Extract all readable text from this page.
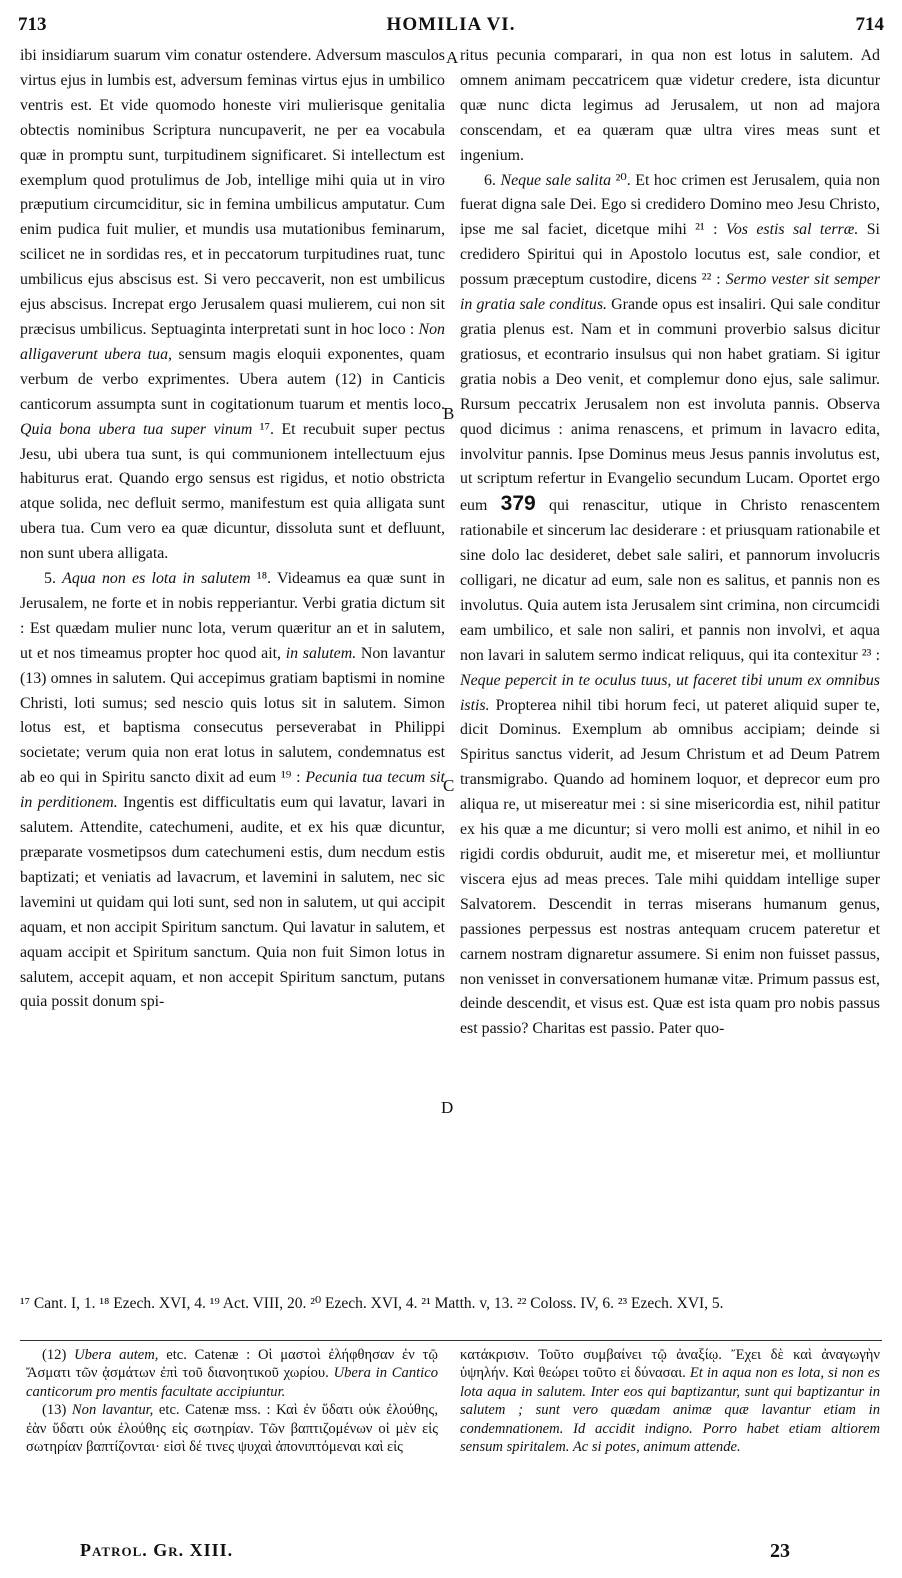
713	HOMILIA VI.	714

ibi insidiarum suarum vim conatur ostendere. Adversum masculos virtus ejus in lumbis est, adversum feminas virtus ejus in umbilico ventris est. Et vide quomodo honeste viri mulierisque genitalia obtectis nominibus Scriptura nuncupaverit, ne per ea vocabula quæ in promptu sunt, turpitudinem significaret. Si intellectum est exemplum quod protulimus de Job, intellige mihi quia ut in viro præputium circumciditur, sic in femina umbilicus amputatur. Cum enim pudica fuit mulier, et mundis usa mutationibus feminarum, scilicet ne in sordidas res, et in peccatorum turpitudines ruat, tunc umbilicus ejus abscisus est. Si vero peccaverit, non est umbilicus ejus abscisus. Increpat ergo Jerusalem quasi mulierem, cui non sit præcisus umbilicus. Septuaginta interpretati sunt in hoc loco : Non alligaverunt ubera tua, sensum magis eloquii exponentes, quam verbum de verbo exprimentes. Ubera autem (12) in Canticis canticorum assumpta sunt in cogitationum tuarum et mentis loco. Quia bona ubera tua super vinum ¹⁷. Et recubuit super pectus Jesu, ubi ubera tua sunt, is qui communionem intellectuum ejus habiturus erat. Quando ergo sensus est rigidus, et notio obstricta atque solida, nec defluit sermo, manifestum est quia alligata sunt ubera tua. Cum vero ea quæ dicuntur, dissoluta sunt et defluunt, non sunt ubera alligata.

5. Aqua non es lota in salutem ¹⁸. Videamus ea quæ sunt in Jerusalem, ne forte et in nobis repperiantur. Verbi gratia dictum sit : Est quædam mulier nunc lota, verum quæritur an et in salutem, ut et nos timeamus propter hoc quod ait, in salutem. Non lavantur (13) omnes in salutem. Qui accepimus gratiam baptismi in nomine Christi, loti sumus; sed nescio quis lotus sit in salutem. Simon lotus est, et baptisma consecutus perseverabat in Philippi societate; verum quia non erat lotus in salutem, condemnatus est ab eo qui in Spiritu sancto dixit ad eum ¹⁹ : Pecunia tua tecum sit in perditionem. Ingentis est difficultatis eum qui lavatur, lavari in salutem. Attendite, catechumeni, audite, et ex his quæ dicuntur, præparate vosmetipsos dum catechumeni estis, dum necdum estis baptizati; et veniatis ad lavacrum, et lavemini in salutem, nec sic lavemini ut quidam qui loti sunt, sed non in salutem, ut qui accipit aquam, et non accipit Spiritum sanctum. Qui lavatur in salutem, et aquam accipit et Spiritum sanctum. Quia non fuit Simon lotus in salutem, accepit aquam, et non accepit Spiritum sanctum, putans quia possit donum spi-

A
B
C
D

ritus pecunia comparari, in qua non est lotus in salutem. Ad omnem animam peccatricem quæ videtur credere, ista dicuntur quæ nunc dicta legimus ad Jerusalem, ut non ad majora conscendam, et ea quæram quæ ultra vires meas sunt et ingenium.

6. Neque sale salita ²⁰. Et hoc crimen est Jerusalem, quia non fuerat digna sale Dei. Ego si credidero Domino meo Jesu Christo, ipse me sal faciet, dicetque mihi ²¹ : Vos estis sal terræ. Si credidero Spiritui qui in Apostolo locutus est, sale condior, et possum præceptum custodire, dicens ²² : Sermo vester sit semper in gratia sale conditus. Grande opus est insaliri. Qui sale conditur gratia plenus est. Nam et in communi proverbio salsus dicitur gratiosus, et econtrario insulsus qui non habet gratiam. Si igitur gratia nobis a Deo venit, et complemur dono ejus, sale salimur. Rursum peccatrix Jerusalem non est involuta pannis. Observa quod dicimus : anima renascens, et primum in lavacro edita, involvitur pannis. Ipse Dominus meus Jesus pannis involutus est, ut scriptum refertur in Evangelio secundum Lucam. Oportet ergo eum 379 qui renascitur, utique in Christo renascentem rationabile et sincerum lac desiderare : et priusquam rationabile et sine dolo lac desideret, debet sale saliri, et pannorum involucris colligari, ne dicatur ad eum, sale non es salitus, et pannis non es involutus. Quia autem ista Jerusalem sint crimina, non circumcidi eam umbilico, et sale non saliri, et pannis non involvi, et aqua non lavari in salutem sermo indicat reliquus, qui ita contexitur ²³ : Neque pepercit in te oculus tuus, ut faceret tibi unum ex omnibus istis. Propterea nihil tibi horum feci, ut pateret aliquid super te, dicit Dominus. Exemplum ab omnibus accipiam; deinde si Spiritus sanctus viderit, ad Jesum Christum et ad Deum Patrem transmigrabo. Quando ad hominem loquor, et deprecor eum pro aliqua re, ut misereatur mei : si sine misericordia est, nihil patitur ex his quæ a me dicuntur; si vero molli est animo, et nihil in eo rigidi cordis obduruit, audit me, et miseretur mei, et molliuntur viscera ejus ad meas preces. Tale mihi quiddam intellige super Salvatorem. Descendit in terras miserans humanum genus, passiones perpessus est nostras antequam crucem pateretur et carnem nostram dignaretur assumere. Si enim non fuisset passus, non venisset in conversationem humanæ vitæ. Primum passus est, deinde descendit, et visus est. Quæ est ista quam pro nobis passus est passio? Charitas est passio. Pater quo-

¹⁷ Cant. I, 1. ¹⁸ Ezech. XVI, 4. ¹⁹ Act. VIII, 20. ²⁰ Ezech. XVI, 4. ²¹ Matth. v, 13. ²² Coloss. IV, 6. ²³ Ezech. XVI, 5.

(12) Ubera autem, etc. Catenæ : Οἱ μαστοὶ ἐλήφθησαν ἐν τῷ Ἄσματι τῶν ᾀσμάτων ἐπὶ τοῦ διανοητικοῦ χωρίου. Ubera in Cantico canticorum pro mentis facultate accipiuntur.

(13) Non lavantur, etc. Catenæ mss. : Καὶ ἐν ὕδατι οὐκ ἐλούθης, ἐὰν ὕδατι οὐκ ἐλούθης εἰς σωτηρίαν. Τῶν βαπτιζομένων οἱ μὲν εἰς σωτηρίαν βαπτίζονται· εἰσὶ δέ τινες ψυχαὶ ἀπονιπτόμεναι καὶ εἰς

κατάκρισιν. Τοῦτο συμβαίνει τῷ ἀναξίῳ. Ἔχει δὲ καὶ ἀναγωγὴν ὑψηλήν. Καὶ θεώρει τοῦτο εἰ δύνασαι. Et in aqua non es lota, si non es lota aqua in salutem. Inter eos qui baptizantur, sunt qui baptizantur in salutem ; sunt vero quædam animæ quæ lavantur etiam in condemnationem. Id accidit indigno. Porro habet etiam altiorem sensum spiritalem. Ac si potes, animum attende.

Patrol. Gr. XIII.	23
